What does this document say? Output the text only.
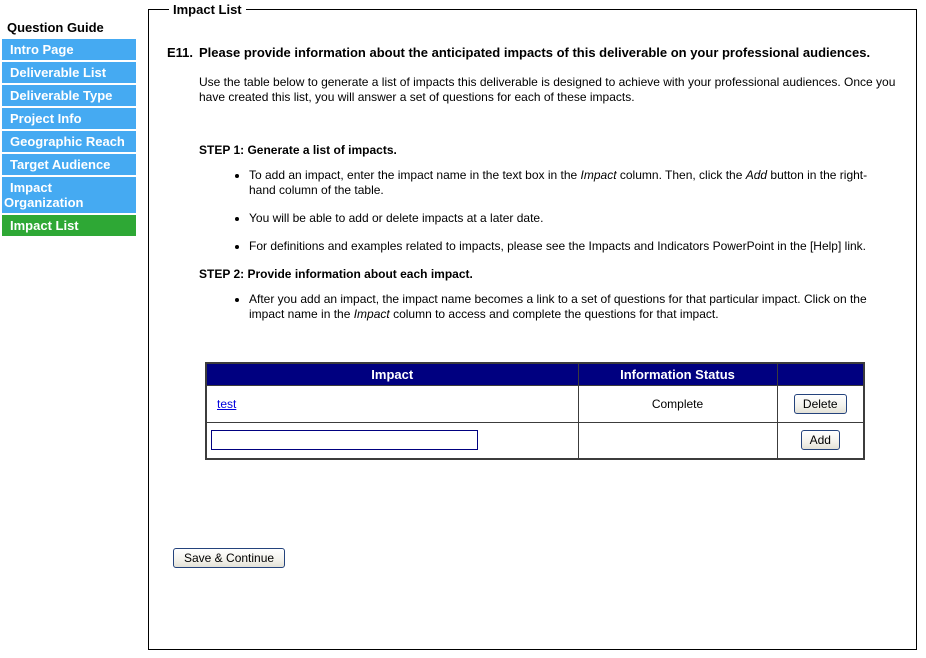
Question Guide
Intro Page
Deliverable List
Deliverable Type
Project Info
Geographic Reach
Target Audience
Impact Organization
Impact List
Impact List
E11. Please provide information about the anticipated impacts of this deliverable on your professional audiences.
Use the table below to generate a list of impacts this deliverable is designed to achieve with your professional audiences. Once you have created this list, you will answer a set of questions for each of these impacts.
STEP 1: Generate a list of impacts.
• To add an impact, enter the impact name in the text box in the Impact column. Then, click the Add button in the right-hand column of the table.
• You will be able to add or delete impacts at a later date.
• For definitions and examples related to impacts, please see the Impacts and Indicators PowerPoint in the [Help] link.
STEP 2: Provide information about each impact.
• After you add an impact, the impact name becomes a link to a set of questions for that particular impact. Click on the impact name in the Impact column to access and complete the questions for that impact.
Impact	Information Status	
test	Complete	Delete
		Add
Save & Continue
